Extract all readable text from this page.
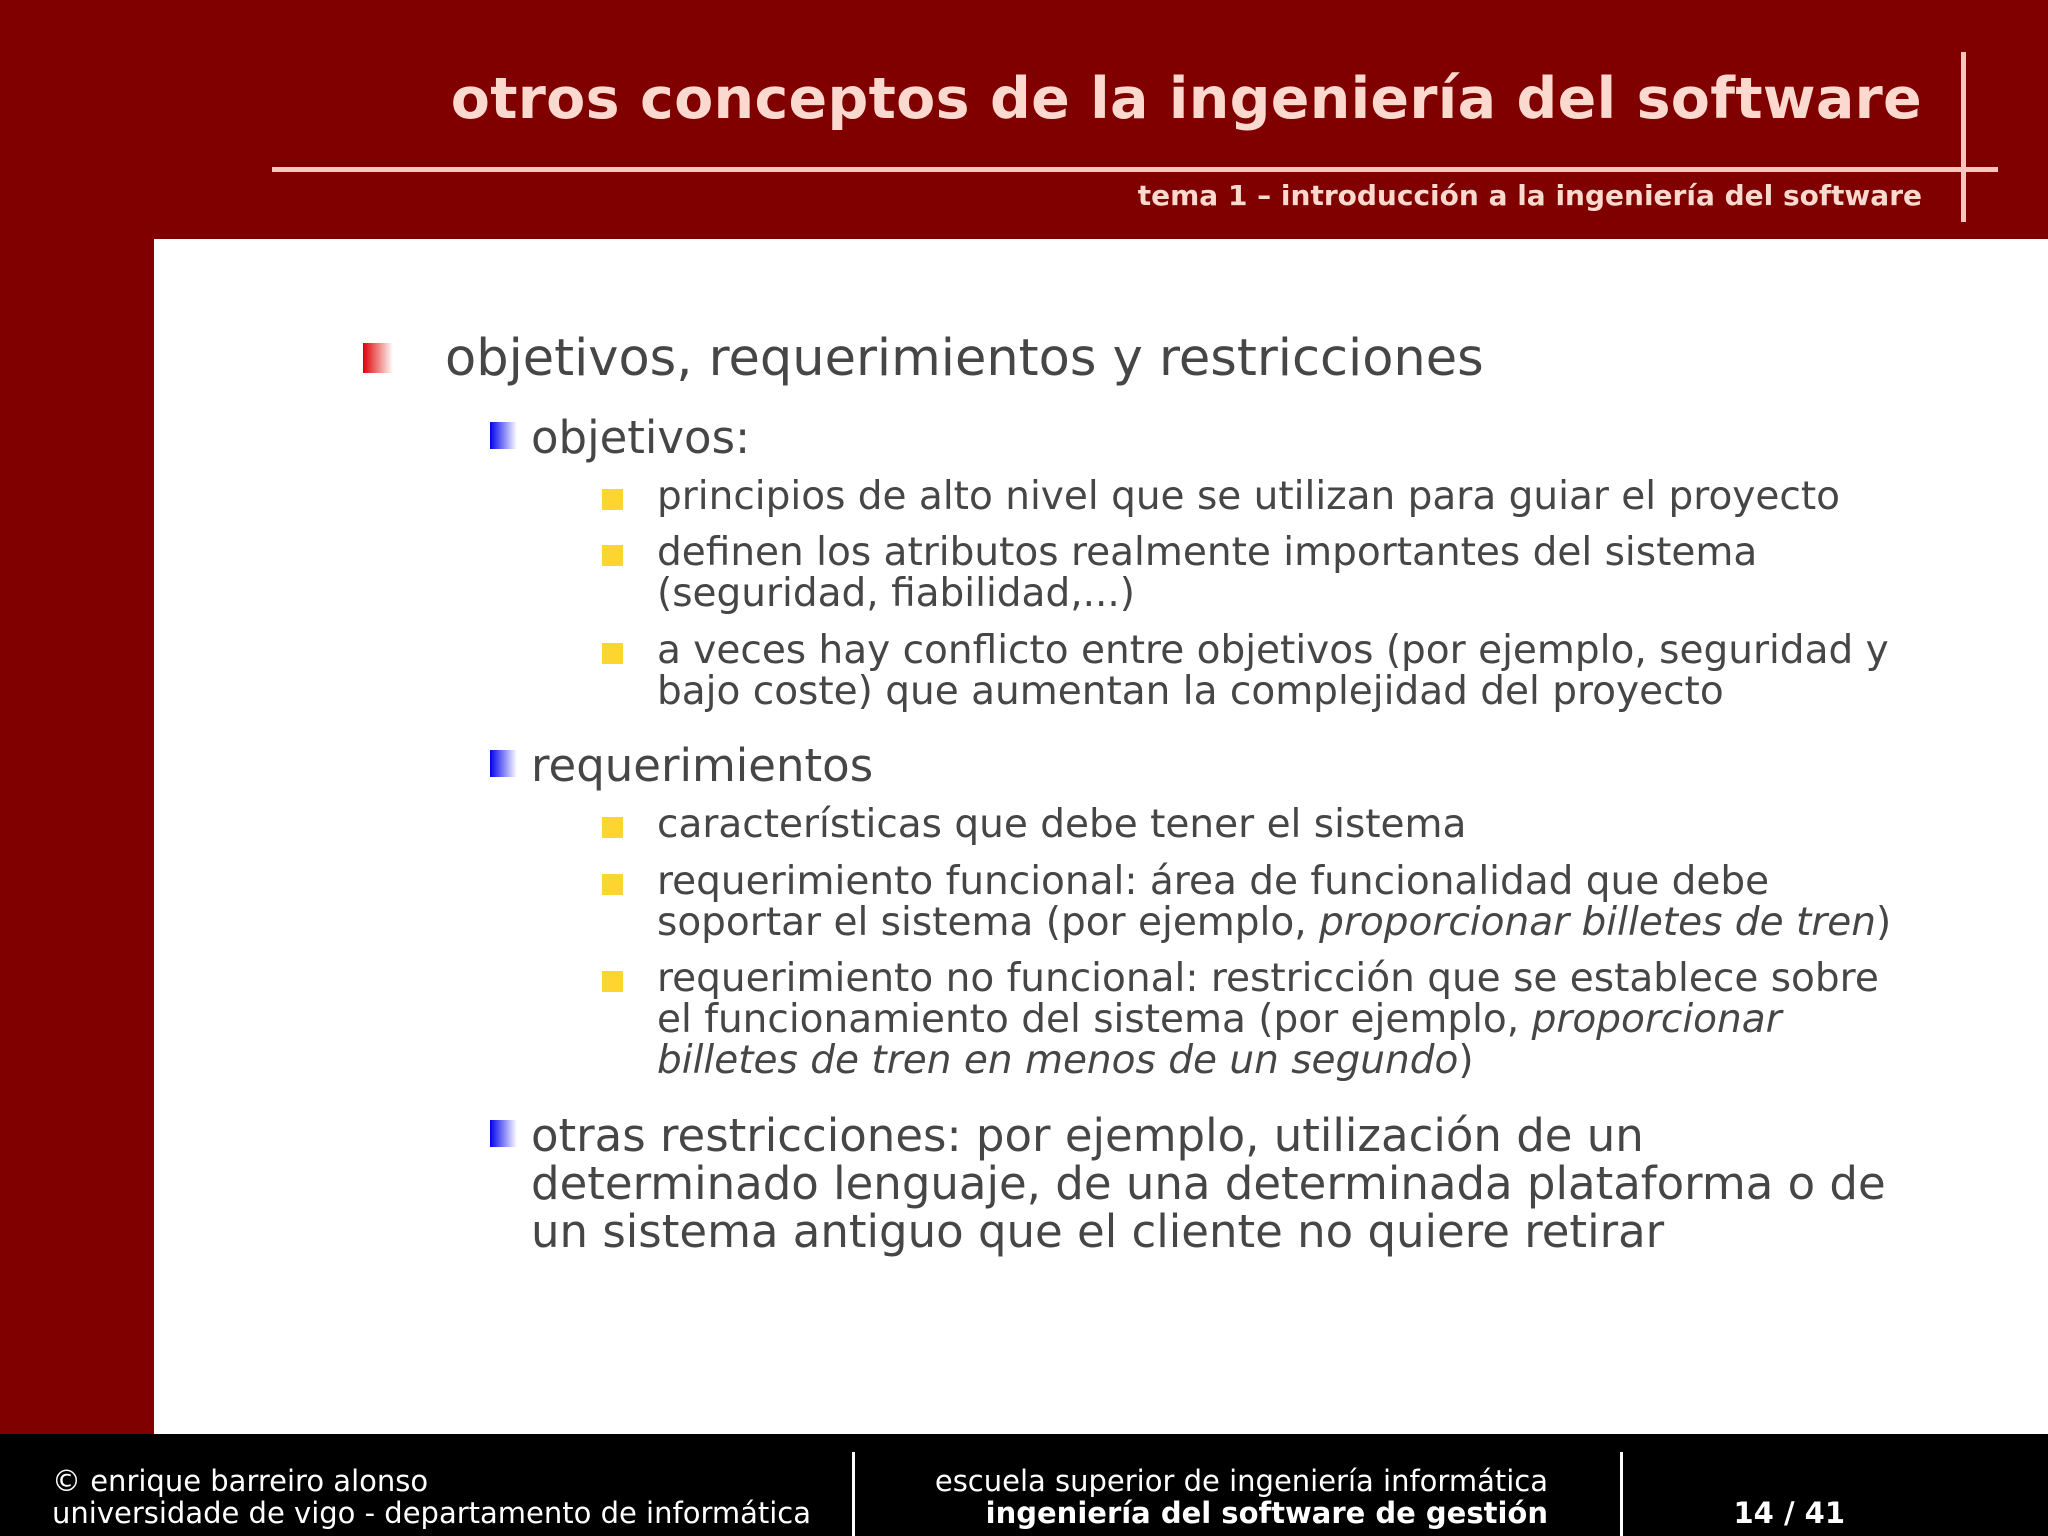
otros conceptos de la ingeniería del software
tema 1 – introducción a la ingeniería del software
objetivos, requerimientos y restricciones
objetivos:
principios de alto nivel que se utilizan para guiar el proyecto
definen los atributos realmente importantes del sistema
(seguridad, fiabilidad,...)
a veces hay conflicto entre objetivos (por ejemplo, seguridad y
bajo coste) que aumentan la complejidad del proyecto
requerimientos
características que debe tener el sistema
requerimiento funcional: área de funcionalidad que debe
soportar el sistema (por ejemplo, proporcionar billetes de tren)
requerimiento no funcional: restricción que se establece sobre
el funcionamiento del sistema (por ejemplo, proporcionar
billetes de tren en menos de un segundo)
otras restricciones: por ejemplo, utilización de un
determinado lenguaje, de una determinada plataforma o de
un sistema antiguo que el cliente no quiere retirar
© enrique barreiro alonso
universidade de vigo - departamento de informática
escuela superior de ingeniería informática
ingeniería del software de gestión	14 / 41
